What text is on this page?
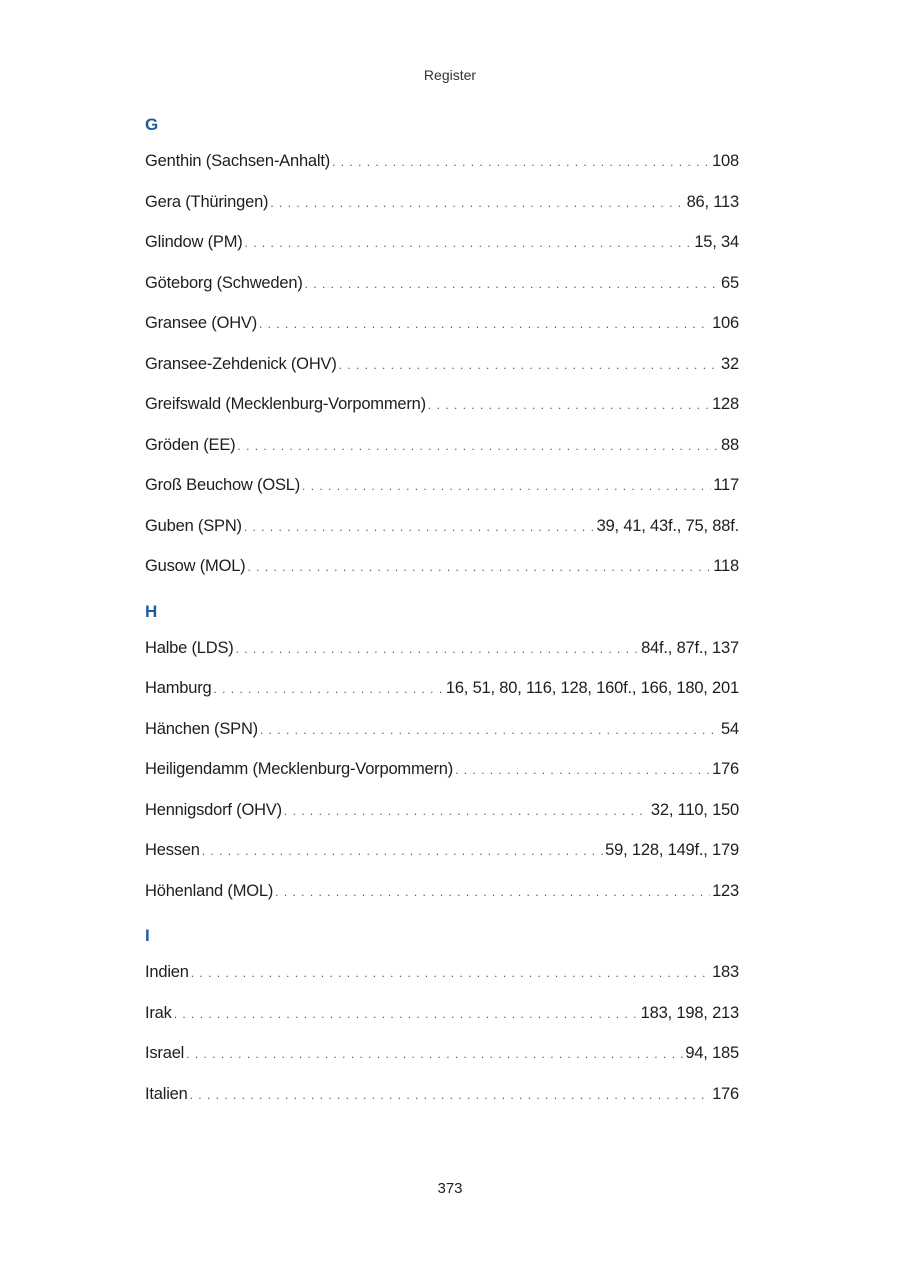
Register
G
Genthin (Sachsen-Anhalt) . . .	108
Gera (Thüringen) . . .	86, 113
Glindow (PM) . . .	15, 34
Göteborg (Schweden) . . .	65
Gransee (OHV) . . .	106
Gransee-Zehdenick (OHV) . . .	32
Greifswald (Mecklenburg-Vorpommern) . . .	128
Gröden (EE) . . .	88
Groß Beuchow (OSL) . . .	117
Guben (SPN) . . .	39, 41, 43f., 75, 88f.
Gusow (MOL) . . .	118
H
Halbe (LDS) . . .	84f., 87f., 137
Hamburg . . .	16, 51, 80, 116, 128, 160f., 166, 180, 201
Hänchen (SPN) . . .	54
Heiligendamm (Mecklenburg-Vorpommern) . . .	176
Hennigsdorf (OHV) . . .	32, 110, 150
Hessen . . .	59, 128, 149f., 179
Höhenland (MOL) . . .	123
I
Indien . . .	183
Irak . . .	183, 198, 213
Israel . . .	94, 185
Italien . . .	176
373
